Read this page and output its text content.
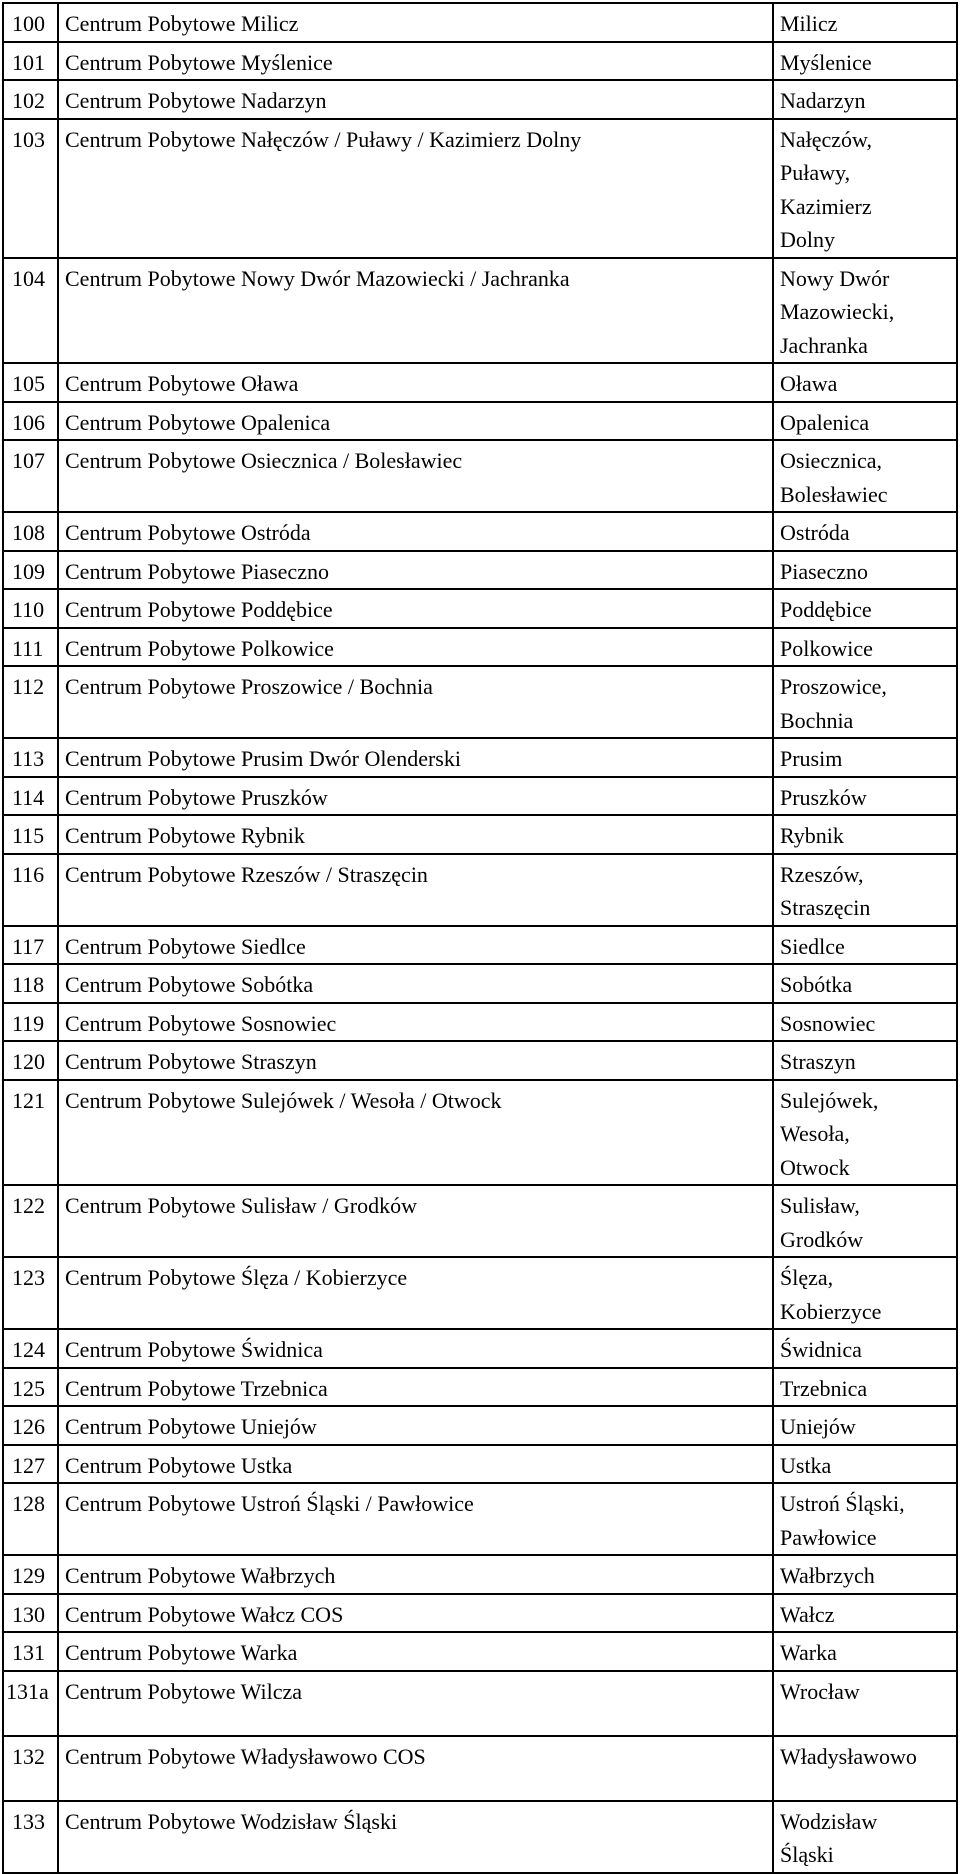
100	Centrum Pobytowe Milicz	Milicz
101	Centrum Pobytowe Myślenice	Myślenice
102	Centrum Pobytowe Nadarzyn	Nadarzyn
103	Centrum Pobytowe Nałęczów / Puławy / Kazimierz Dolny	Nałęczów,
Puławy,
Kazimierz
Dolny
104	Centrum Pobytowe Nowy Dwór Mazowiecki / Jachranka	Nowy Dwór
Mazowiecki,
Jachranka
105	Centrum Pobytowe Oława	Oława
106	Centrum Pobytowe Opalenica	Opalenica
107	Centrum Pobytowe Osiecznica / Bolesławiec	Osiecznica,
Bolesławiec
108	Centrum Pobytowe Ostróda	Ostróda
109	Centrum Pobytowe Piaseczno	Piaseczno
110	Centrum Pobytowe Poddębice	Poddębice
111	Centrum Pobytowe Polkowice	Polkowice
112	Centrum Pobytowe Proszowice / Bochnia	Proszowice,
Bochnia
113	Centrum Pobytowe Prusim Dwór Olenderski	Prusim
114	Centrum Pobytowe Pruszków	Pruszków
115	Centrum Pobytowe Rybnik	Rybnik
116	Centrum Pobytowe Rzeszów / Straszęcin	Rzeszów,
Straszęcin
117	Centrum Pobytowe Siedlce	Siedlce
118	Centrum Pobytowe Sobótka	Sobótka
119	Centrum Pobytowe Sosnowiec	Sosnowiec
120	Centrum Pobytowe Straszyn	Straszyn
121	Centrum Pobytowe Sulejówek / Wesoła / Otwock	Sulejówek,
Wesoła,
Otwock
122	Centrum Pobytowe Sulisław / Grodków	Sulisław,
Grodków
123	Centrum Pobytowe Ślęza / Kobierzyce	Ślęza,
Kobierzyce
124	Centrum Pobytowe Świdnica	Świdnica
125	Centrum Pobytowe Trzebnica	Trzebnica
126	Centrum Pobytowe Uniejów	Uniejów
127	Centrum Pobytowe Ustka	Ustka
128	Centrum Pobytowe Ustroń Śląski / Pawłowice	Ustroń Śląski,
Pawłowice
129	Centrum Pobytowe Wałbrzych	Wałbrzych
130	Centrum Pobytowe Wałcz COS	Wałcz
131	Centrum Pobytowe Warka	Warka
131a	Centrum Pobytowe Wilcza	Wrocław
132	Centrum Pobytowe Władysławowo COS	Władysławowo
133	Centrum Pobytowe Wodzisław Śląski	Wodzisław
Śląski
